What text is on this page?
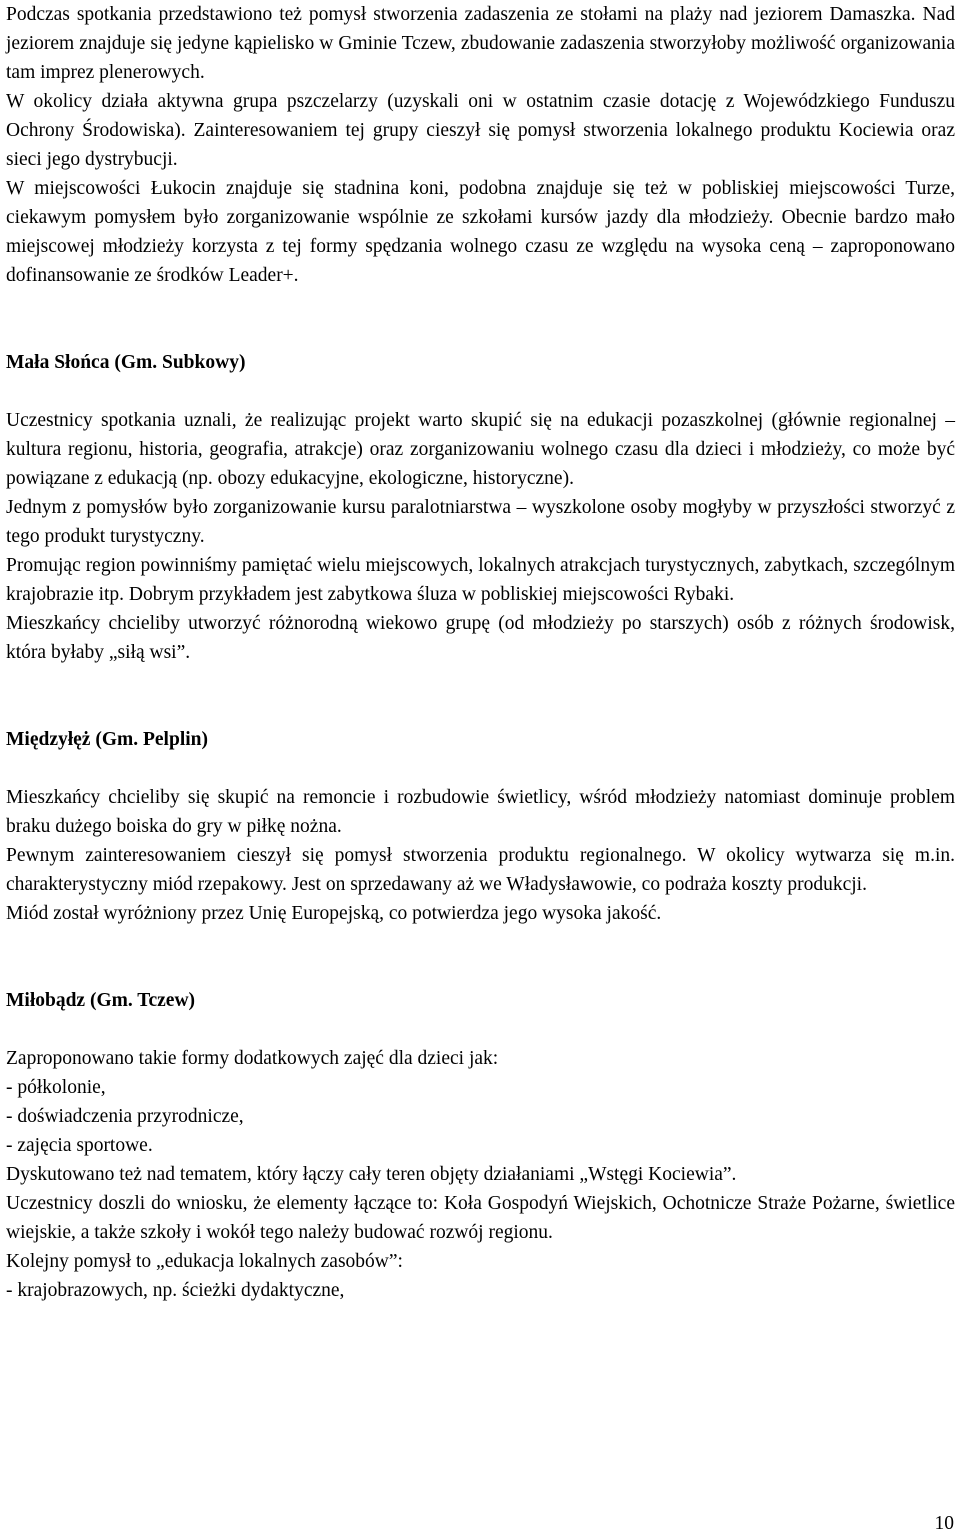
Podczas spotkania przedstawiono też pomysł stworzenia zadaszenia ze stołami na plaży nad jeziorem Damaszka. Nad jeziorem znajduje się jedyne kąpielisko w Gminie Tczew, zbudowanie zadaszenia stworzyłoby możliwość organizowania tam imprez plenerowych.

W okolicy działa aktywna grupa pszczelarzy (uzyskali oni w ostatnim czasie dotację z Wojewódzkiego Funduszu Ochrony Środowiska). Zainteresowaniem tej grupy cieszył się pomysł stworzenia lokalnego produktu Kociewia oraz sieci jego dystrybucji.

W miejscowości Łukocin znajduje się stadnina koni, podobna znajduje się też w pobliskiej miejscowości Turze, ciekawym pomysłem było zorganizowanie wspólnie ze szkołami kursów jazdy dla młodzieży. Obecnie bardzo mało miejscowej młodzieży korzysta z tej formy spędzania wolnego czasu ze względu na wysoka ceną – zaproponowano dofinansowanie ze środków Leader+.

Mała Słońca (Gm. Subkowy)

Uczestnicy spotkania uznali, że realizując projekt warto skupić się na edukacji pozaszkolnej (głównie regionalnej – kultura regionu, historia, geografia, atrakcje) oraz zorganizowaniu wolnego czasu dla dzieci i młodzieży, co może być powiązane z edukacją (np. obozy edukacyjne, ekologiczne, historyczne).

Jednym z pomysłów było zorganizowanie kursu paralotniarstwa – wyszkolone osoby mogłyby w przyszłości stworzyć z tego produkt turystyczny.

Promując region powinniśmy pamiętać wielu miejscowych, lokalnych atrakcjach turystycznych, zabytkach, szczególnym krajobrazie itp. Dobrym przykładem jest zabytkowa śluza w pobliskiej miejscowości Rybaki.

Mieszkańcy chcieliby utworzyć różnorodną wiekowo grupę (od młodzieży po starszych) osób z różnych środowisk, która byłaby „siłą wsi”.

Międzyłęż (Gm. Pelplin)

Mieszkańcy chcieliby się skupić na remoncie i rozbudowie świetlicy, wśród młodzieży natomiast dominuje problem braku dużego boiska do gry w piłkę nożna.

Pewnym zainteresowaniem cieszył się pomysł stworzenia produktu regionalnego. W okolicy wytwarza się m.in. charakterystyczny miód rzepakowy. Jest on sprzedawany aż we Władysławowie, co podraża koszty produkcji.

Miód został wyróżniony przez Unię Europejską, co potwierdza jego wysoka jakość.

Miłobądz (Gm. Tczew)

Zaproponowano takie formy dodatkowych zajęć dla dzieci jak:

- półkolonie,

- doświadczenia przyrodnicze,

- zajęcia sportowe.

Dyskutowano też nad tematem, który łączy cały teren objęty działaniami „Wstęgi Kociewia”.

Uczestnicy doszli do wniosku, że elementy łączące to: Koła Gospodyń Wiejskich, Ochotnicze Straże Pożarne, świetlice wiejskie, a także szkoły i wokół tego należy budować rozwój regionu.

Kolejny pomysł to „edukacja lokalnych zasobów”:

- krajobrazowych, np. ścieżki dydaktyczne,

10
